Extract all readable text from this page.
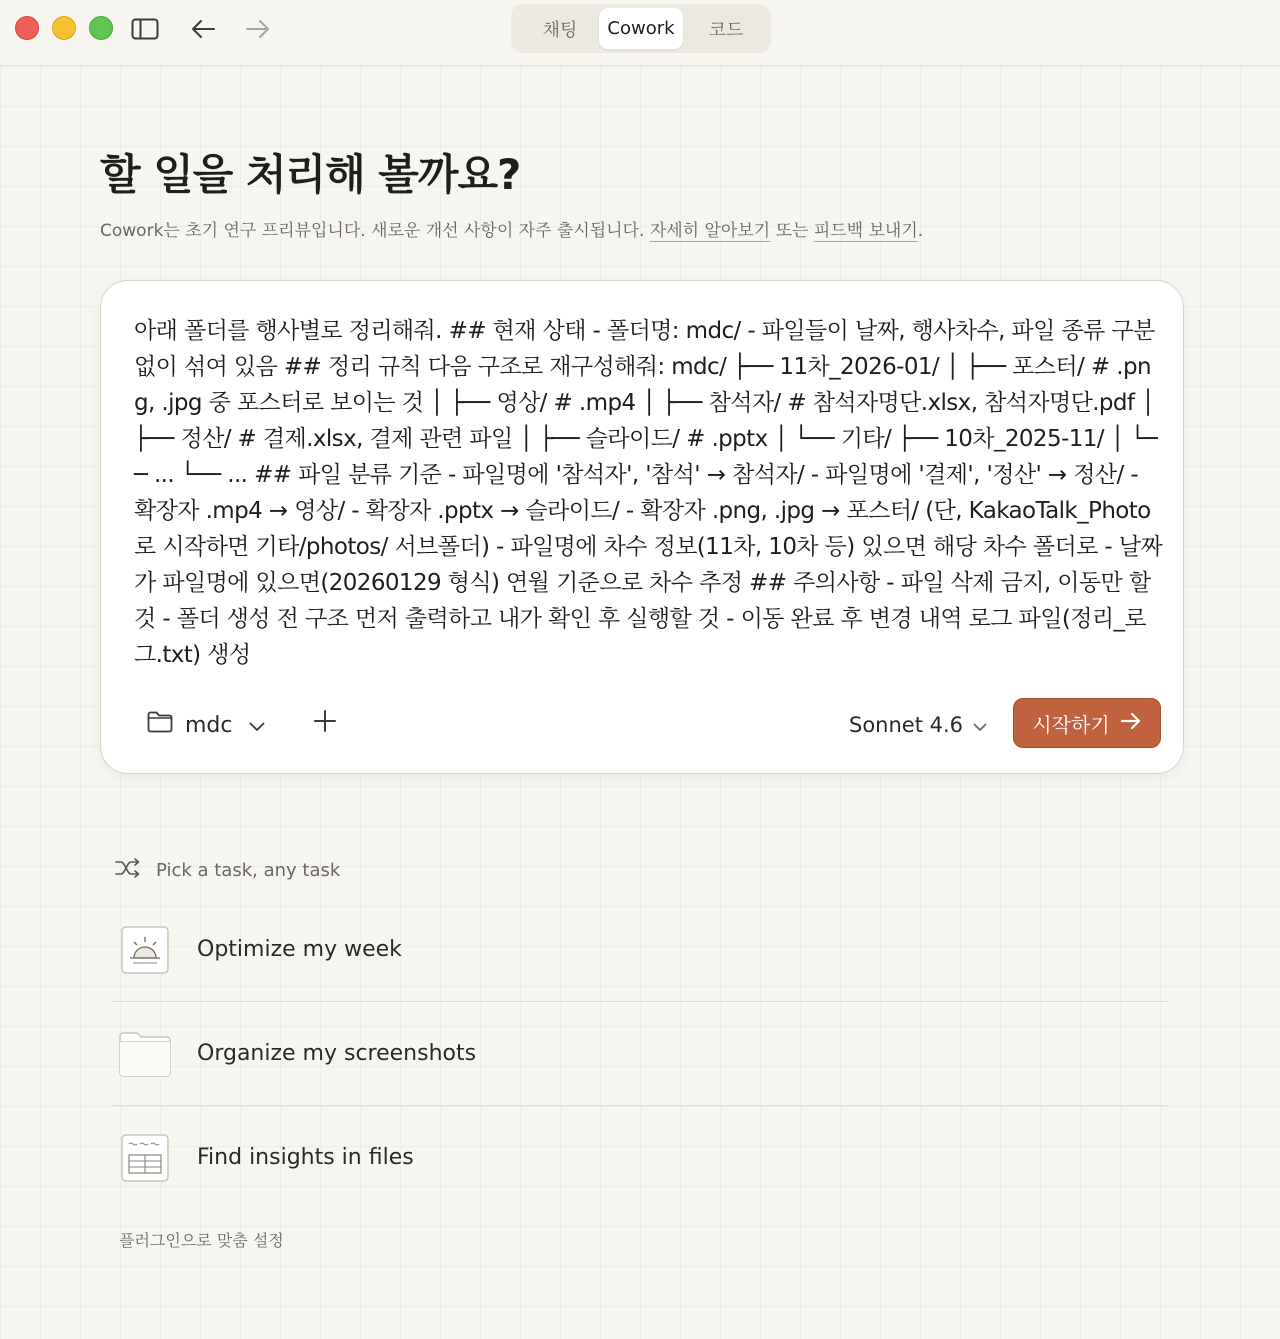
채팅	Cowork	코드
할 일을 처리해 볼까요?
Cowork는 초기 연구 프리뷰입니다. 새로운 개선 사항이 자주 출시됩니다. 자세히 알아보기 또는 피드백 보내기.
아래 폴더를 행사별로 정리해줘. ## 현재 상태 - 폴더명: mdc/ - 파일들이 날짜, 행사차수, 파일 종류 구분 없이 섞여 있음 ## 정리 규칙 다음 구조로 재구성해줘: mdc/ ├── 11차_2026-01/ │ ├── 포스터/ # .png, .jpg 중 포스터로 보이는 것 │ ├── 영상/ # .mp4 │ ├── 참석자/ # 참석자명단.xlsx, 참석자명단.pdf │ ├── 정산/ # 결제.xlsx, 결제 관련 파일 │ ├── 슬라이드/ # .pptx │ └── 기타/ ├── 10차_2025-11/ │ └── ... └── ... ## 파일 분류 기준 - 파일명에 '참석자', '참석' → 참석자/ - 파일명에 '결제', '정산' → 정산/ - 확장자 .mp4 → 영상/ - 확장자 .pptx → 슬라이드/ - 확장자 .png, .jpg → 포스터/ (단, KakaoTalk_Photo로 시작하면 기타/photos/ 서브폴더) - 파일명에 차수 정보(11차, 10차 등) 있으면 해당 차수 폴더로 - 날짜가 파일명에 있으면(20260129 형식) 연월 기준으로 차수 추정 ## 주의사항 - 파일 삭제 금지, 이동만 할 것 - 폴더 생성 전 구조 먼저 출력하고 내가 확인 후 실행할 것 - 이동 완료 후 변경 내역 로그 파일(정리_로그.txt) 생성
mdc	Sonnet 4.6	시작하기
Pick a task, any task
Optimize my week
Organize my screenshots
Find insights in files
플러그인으로 맞춤 설정
